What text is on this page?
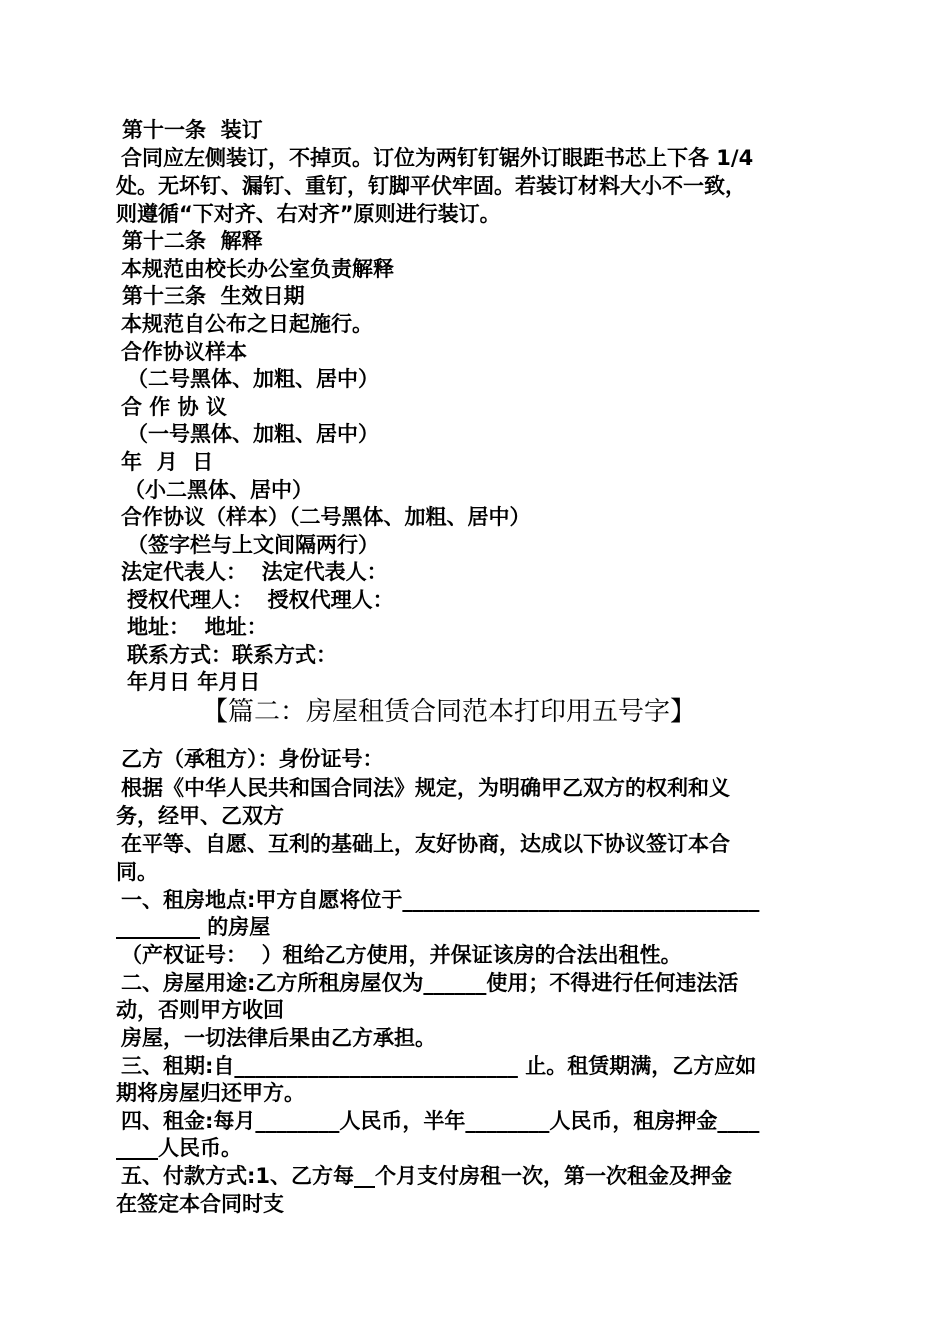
第十一条  装订
合同应左侧装订，不掉页。订位为两钉钉锯外订眼距书芯上下各 1/4
处。无坏钉、漏钉、重钉，钉脚平伏牢固。若装订材料大小不一致，
则遵循“下对齐、右对齐”原则进行装订。
第十二条  解释
本规范由校长办公室负责解释
第十三条  生效日期
本规范自公布之日起施行。
合作协议样本
（二号黑体、加粗、居中）
合 作 协 议
（一号黑体、加粗、居中）
年  月  日
（小二黑体、居中）
合作协议（样本）（二号黑体、加粗、居中）
（签字栏与上文间隔两行）
法定代表人：  法定代表人：
授权代理人：  授权代理人：
地址：  地址：
联系方式：联系方式：
年月日 年月日
【篇二：房屋租赁合同范本打印用五号字】
乙方（承租方）：身份证号：
根据《中华人民共和国合同法》规定，为明确甲乙双方的权利和义
务，经甲、乙双方
在平等、自愿、互利的基础上，友好协商，达成以下协议签订本合
同。
一、租房地点:甲方自愿将位于__________________________________
________ 的房屋
（产权证号：  ）租给乙方使用，并保证该房的合法出租性。
二、房屋用途:乙方所租房屋仅为______使用；不得进行任何违法活
动，否则甲方收回
房屋，一切法律后果由乙方承担。
三、租期:自___________________________ 止。租赁期满，乙方应如
期将房屋归还甲方。
四、租金:每月________人民币，半年________人民币，租房押金____
____人民币。
五、付款方式:1、乙方每__个月支付房租一次，第一次租金及押金
在签定本合同时支
